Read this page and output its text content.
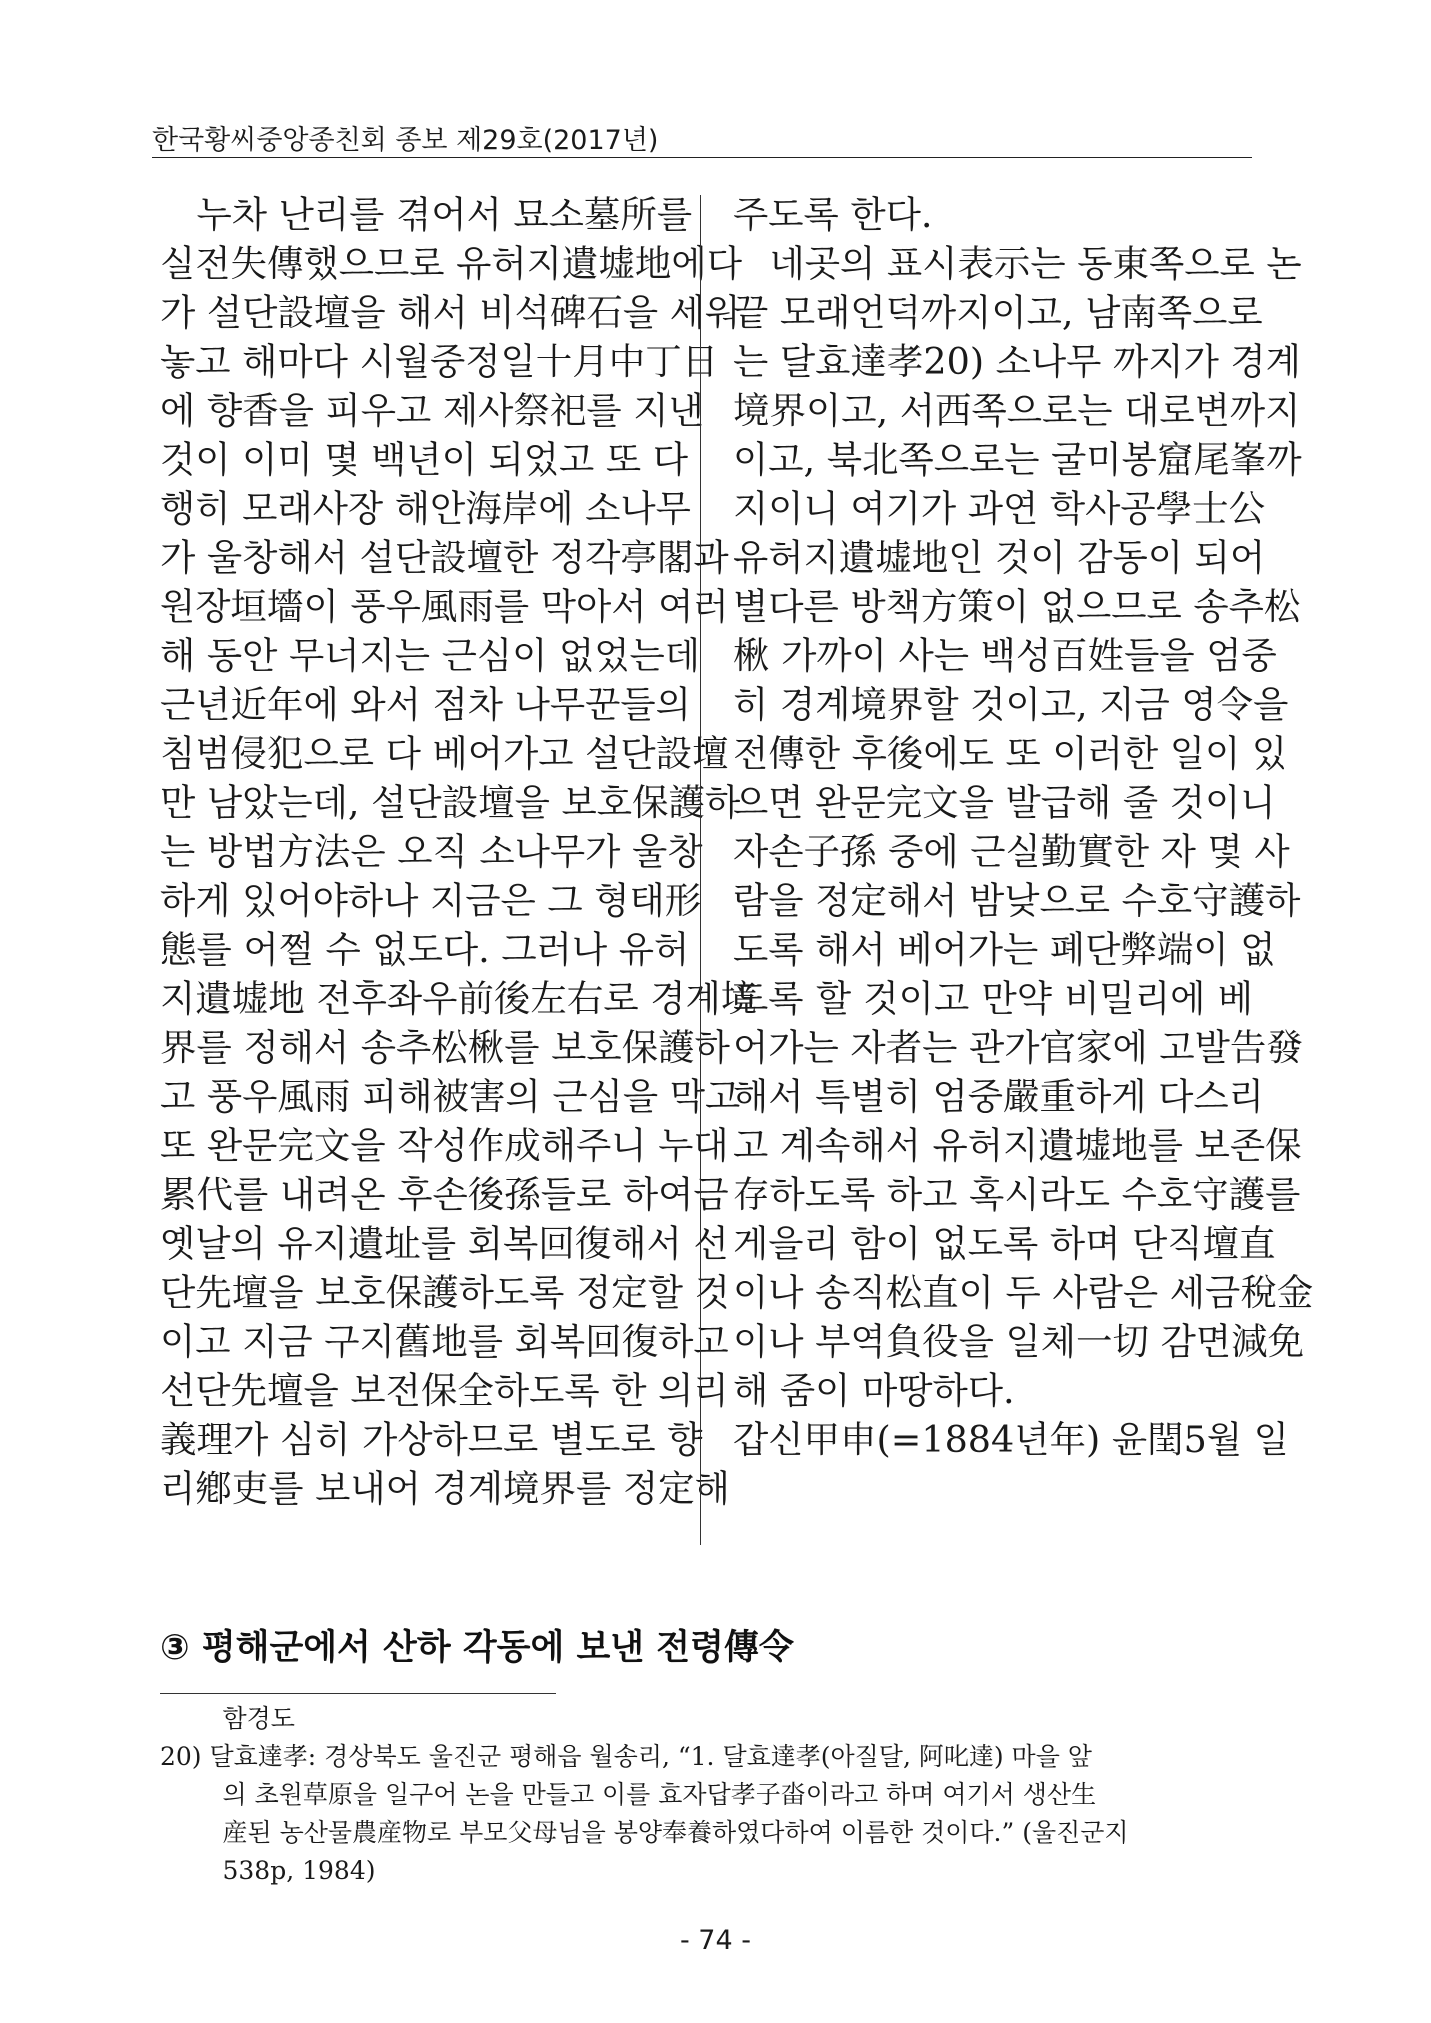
한국황씨중앙종친회 종보 제29호(2017년)
누차 난리를 겪어서 묘소墓所를
실전失傳했으므로 유허지遺墟地에다
가 설단設壇을 해서 비석碑石을 세워
놓고 해마다 시월중정일十月中丁日
에 향香을 피우고 제사祭祀를 지낸
것이 이미 몇 백년이 되었고 또 다
행히 모래사장 해안海岸에 소나무
가 울창해서 설단設壇한 정각亭閣과
원장垣墻이 풍우風雨를 막아서 여러
해 동안 무너지는 근심이 없었는데
근년近年에 와서 점차 나무꾼들의
침범侵犯으로 다 베어가고 설단設壇
만 남았는데, 설단設壇을 보호保護하
는 방법方法은 오직 소나무가 울창
하게 있어야하나 지금은 그 형태形
態를 어쩔 수 없도다. 그러나 유허
지遺墟地 전후좌우前後左右로 경계境
界를 정해서 송추松楸를 보호保護하
고 풍우風雨 피해被害의 근심을 막고
또 완문完文을 작성作成해주니 누대
累代를 내려온 후손後孫들로 하여금
옛날의 유지遺址를 회복回復해서 선
단先壇을 보호保護하도록 정定할 것
이고 지금 구지舊地를 회복回復하고
선단先壇을 보전保全하도록 한 의리
義理가 심히 가상하므로 별도로 향
리鄕吏를 보내어 경계境界를 정定해
주도록 한다.
네곳의 표시表示는 동東쪽으로 논
끝 모래언덕까지이고, 남南쪽으로
는 달효達孝20) 소나무 까지가 경계
境界이고, 서西쪽으로는 대로변까지
이고, 북北쪽으로는 굴미봉窟尾峯까
지이니 여기가 과연 학사공學士公
유허지遺墟地인 것이 감동이 되어
별다른 방책方策이 없으므로 송추松
楸 가까이 사는 백성百姓들을 엄중
히 경계境界할 것이고, 지금 영令을
전傳한 후後에도 또 이러한 일이 있
으면 완문完文을 발급해 줄 것이니
자손子孫 중에 근실勤實한 자 몇 사
람을 정定해서 밤낮으로 수호守護하
도록 해서 베어가는 폐단弊端이 없
도록 할 것이고 만약 비밀리에 베
어가는 자者는 관가官家에 고발告發
해서 특별히 엄중嚴重하게 다스리
고 계속해서 유허지遺墟地를 보존保
存하도록 하고 혹시라도 수호守護를
게을리 함이 없도록 하며 단직壇直
이나 송직松直이 두 사람은 세금稅金
이나 부역負役을 일체一切 감면減免
해 줌이 마땅하다.
갑신甲申(=1884년年) 윤閏5월 일
③ 평해군에서 산하 각동에 보낸 전령傳令
함경도
20) 달효達孝: 경상북도 울진군 평해읍 월송리, “1. 달효達孝(아질달, 阿叱達) 마을 앞
의 초원草原을 일구어 논을 만들고 이를 효자답孝子畓이라고 하며 여기서 생산生
産된 농산물農産物로 부모父母님을 봉양奉養하였다하여 이름한 것이다.” (울진군지
538p, 1984)
- 74 -
